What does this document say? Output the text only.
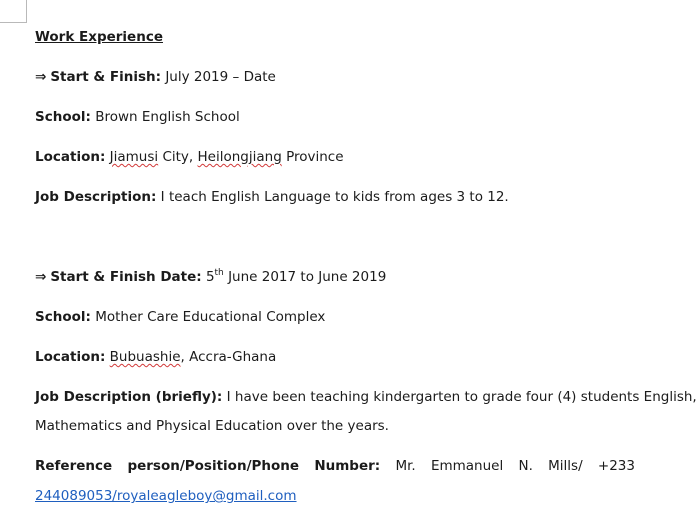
Work Experience
⇒ Start & Finish: July 2019 – Date
School: Brown English School
Location: Jiamusi City, Heilongjiang Province
Job Description: I teach English Language to kids from ages 3 to 12.
⇒ Start & Finish Date: 5th June 2017 to June 2019
School: Mother Care Educational Complex
Location: Bubuashie, Accra-Ghana
Job Description (briefly): I have been teaching kindergarten to grade four (4) students English,
Mathematics and Physical Education over the years.
Reference person/Position/Phone Number: Mr. Emmanuel N. Mills/ +233
244089053/royaleagleboy@gmail.com
